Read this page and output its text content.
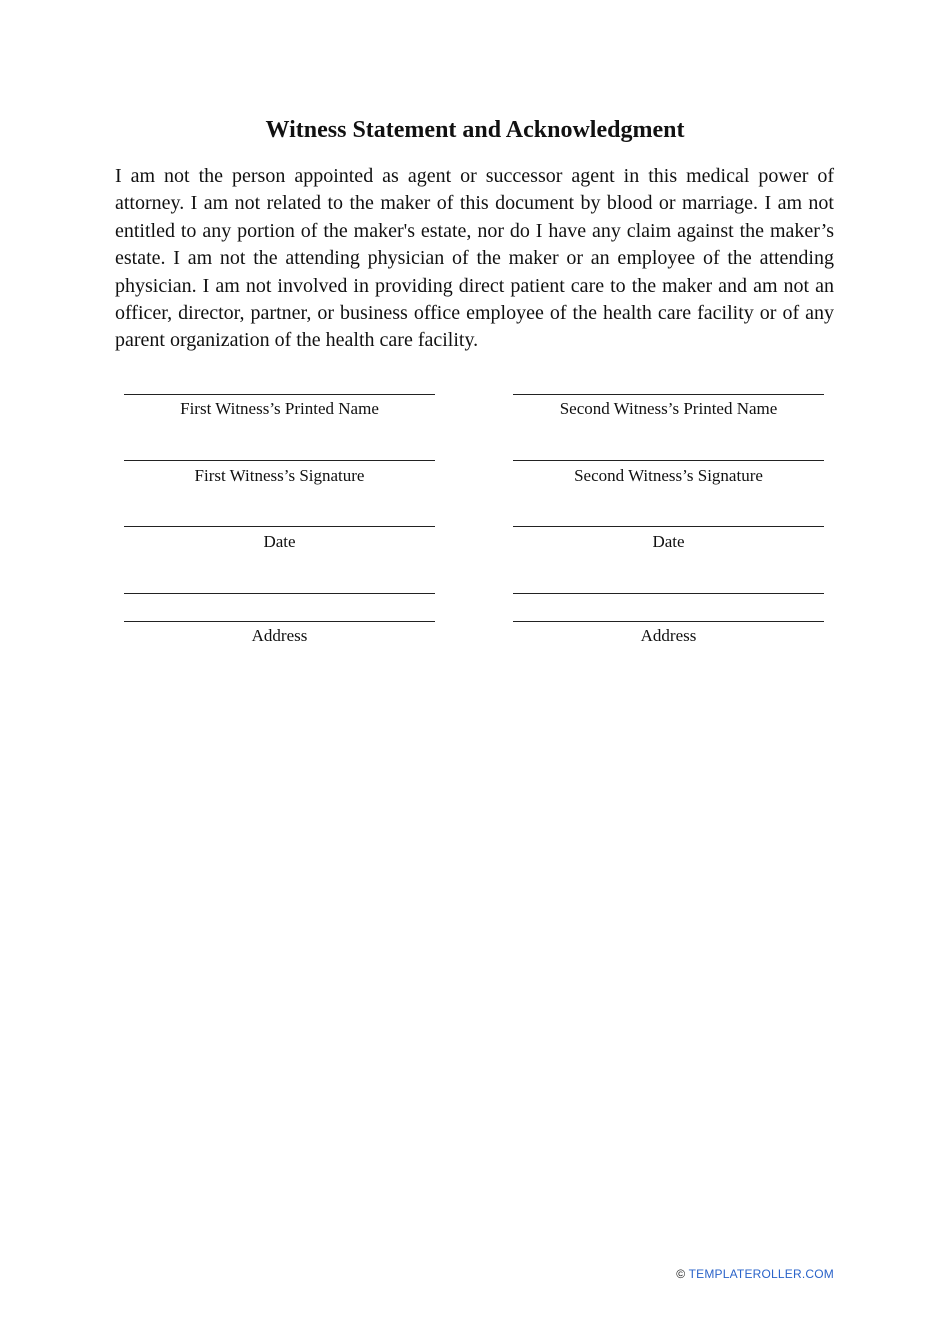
Witness Statement and Acknowledgment

I am not the person appointed as agent or successor agent in this medical power of attorney. I am not related to the maker of this document by blood or marriage. I am not entitled to any portion of the maker's estate, nor do I have any claim against the maker’s estate. I am not the attending physician of the maker or an employee of the attending physician. I am not involved in providing direct patient care to the maker and am not an officer, director, partner, or business office employee of the health care facility or of any parent organization of the health care facility.

First Witness’s Printed Name
First Witness’s Signature
Date
Address
Second Witness’s Printed Name
Second Witness’s Signature
Date
Address
© TEMPLATEROLLER.COM
